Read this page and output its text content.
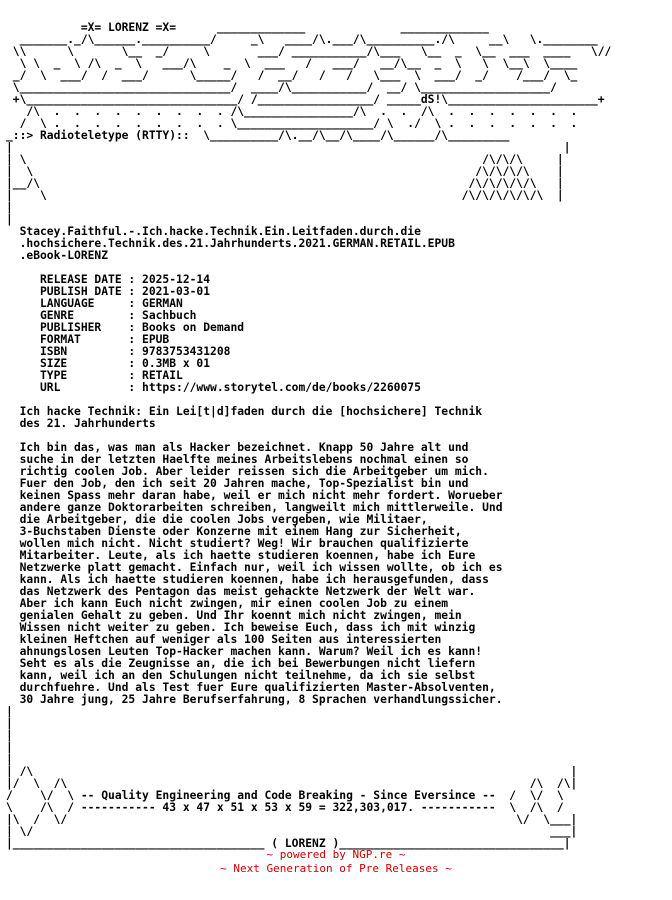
=X= LORENZ =X=      _____________              _____________
_______._/\______.__________/     _\   ____/\.___/\__________./\     __\   \.________
\\      \       \__  _/     \       ___/ ___________/\___   \__  _  \__  ___  ____   \//
\ \  _  \ /\  _  \   ___/\    _  \  ___   /   ___/   __/\__  _  \   \  \__\  \____
_/  \  ___/  /  ___/      \_____/   /  __/   /   /   \___  \  ___/  _/    /___/  \_
\_______________________________/  ____/\___________/  __/ \___________________/
+\_______________________________/ /_________________/ _____dS!\______________________+
/\  .  .  .  .  .  .  .  .  . /\________________/\  .  .  /\  .  .  .  .  .  .  .
/  \ .  .  .  .  .  .  .  .  . \____________________/ \  ./  \ .  .  .  .  .  .  .
_::> Radioteletype (RTTY)::  \__________/\.__/\__/\____/\______/\_________
|                                                                                 |
| \                                                                   /\/\/\     |
|  \                                                                 /\/\/\/\    |
|__/\                                                               /\/\/\/\/\   |
|    \                                                             /\/\/\/\/\/\  |
|
|
Stacey.Faithful.-.Ich.hacke.Technik.Ein.Leitfaden.durch.die
.hochsichere.Technik.des.21.Jahrhunderts.2021.GERMAN.RETAIL.EPUB
.eBook-LORENZ
RELEASE DATE : 2025-12-14
PUBLISH DATE : 2021-03-01
LANGUAGE     : GERMAN
GENRE        : Sachbuch
PUBLISHER    : Books on Demand
FORMAT       : EPUB
ISBN         : 9783753431208
SIZE         : 0.3MB x 01
TYPE         : RETAIL
URL          : https://www.storytel.com/de/books/2260075
Ich hacke Technik: Ein Lei[t|d]faden durch die [hochsichere] Technik
des 21. Jahrhunderts
Ich bin das, was man als Hacker bezeichnet. Knapp 50 Jahre alt und
suche in der letzten Haelfte meines Arbeitslebens nochmal einen so
richtig coolen Job. Aber leider reissen sich die Arbeitgeber um mich.
Fuer den Job, den ich seit 20 Jahren mache, Top-Spezialist bin und
keinen Spass mehr daran habe, weil er mich nicht mehr fordert. Worueber
andere ganze Doktorarbeiten schreiben, langweilt mich mittlerweile. Und
die Arbeitgeber, die die coolen Jobs vergeben, wie Militaer,
3-Buchstaben Dienste oder Konzerne mit einem Hang zur Sicherheit,
wollen mich nicht. Nicht studiert? Weg! Wir brauchen qualifizierte
Mitarbeiter. Leute, als ich haette studieren koennen, habe ich Eure
Netzwerke platt gemacht. Einfach nur, weil ich wissen wollte, ob ich es
kann. Als ich haette studieren koennen, habe ich herausgefunden, dass
das Netzwerk des Pentagon das meist gehackte Netzwerk der Welt war.
Aber ich kann Euch nicht zwingen, mir einen coolen Job zu einem
genialen Gehalt zu geben. Und Ihr koennt mich nicht zwingen, mein
Wissen nicht weiter zu geben. Ich beweise Euch, dass ich mit winzig
kleinen Heftchen auf weniger als 100 Seiten aus interessierten
ahnungslosen Leuten Top-Hacker machen kann. Warum? Weil ich es kann!
Seht es als die Zeugnisse an, die ich bei Bewerbungen nicht liefern
kann, weil ich an den Schulungen nicht teilnehme, da ich sie selbst
durchfuehre. Und als Test fuer Eure qualifizierten Master-Absolventen,
30 Jahre jung, 25 Jahre Berufserfahrung, 8 Sprachen verhandlungssicher.
|
|
|
|
|
| /\                                                                               |
|/  \  /\                                                                    /\  /\|
/    \/  \ -- Quality Engineering and Code Breaking - Since Eversince --  /  \/  \
\    /\  / ----------- 43 x 47 x 51 x 53 x 59 = 322,303,017. -----------  \  /\  /
|\  /  \/                                                                  \/  \___|
| \/                                                                            ___|
|_____________________________________ ( LORENZ )_________________________________|
~ powered by NGP.re ~
~ Next Generation of Pre Releases ~
